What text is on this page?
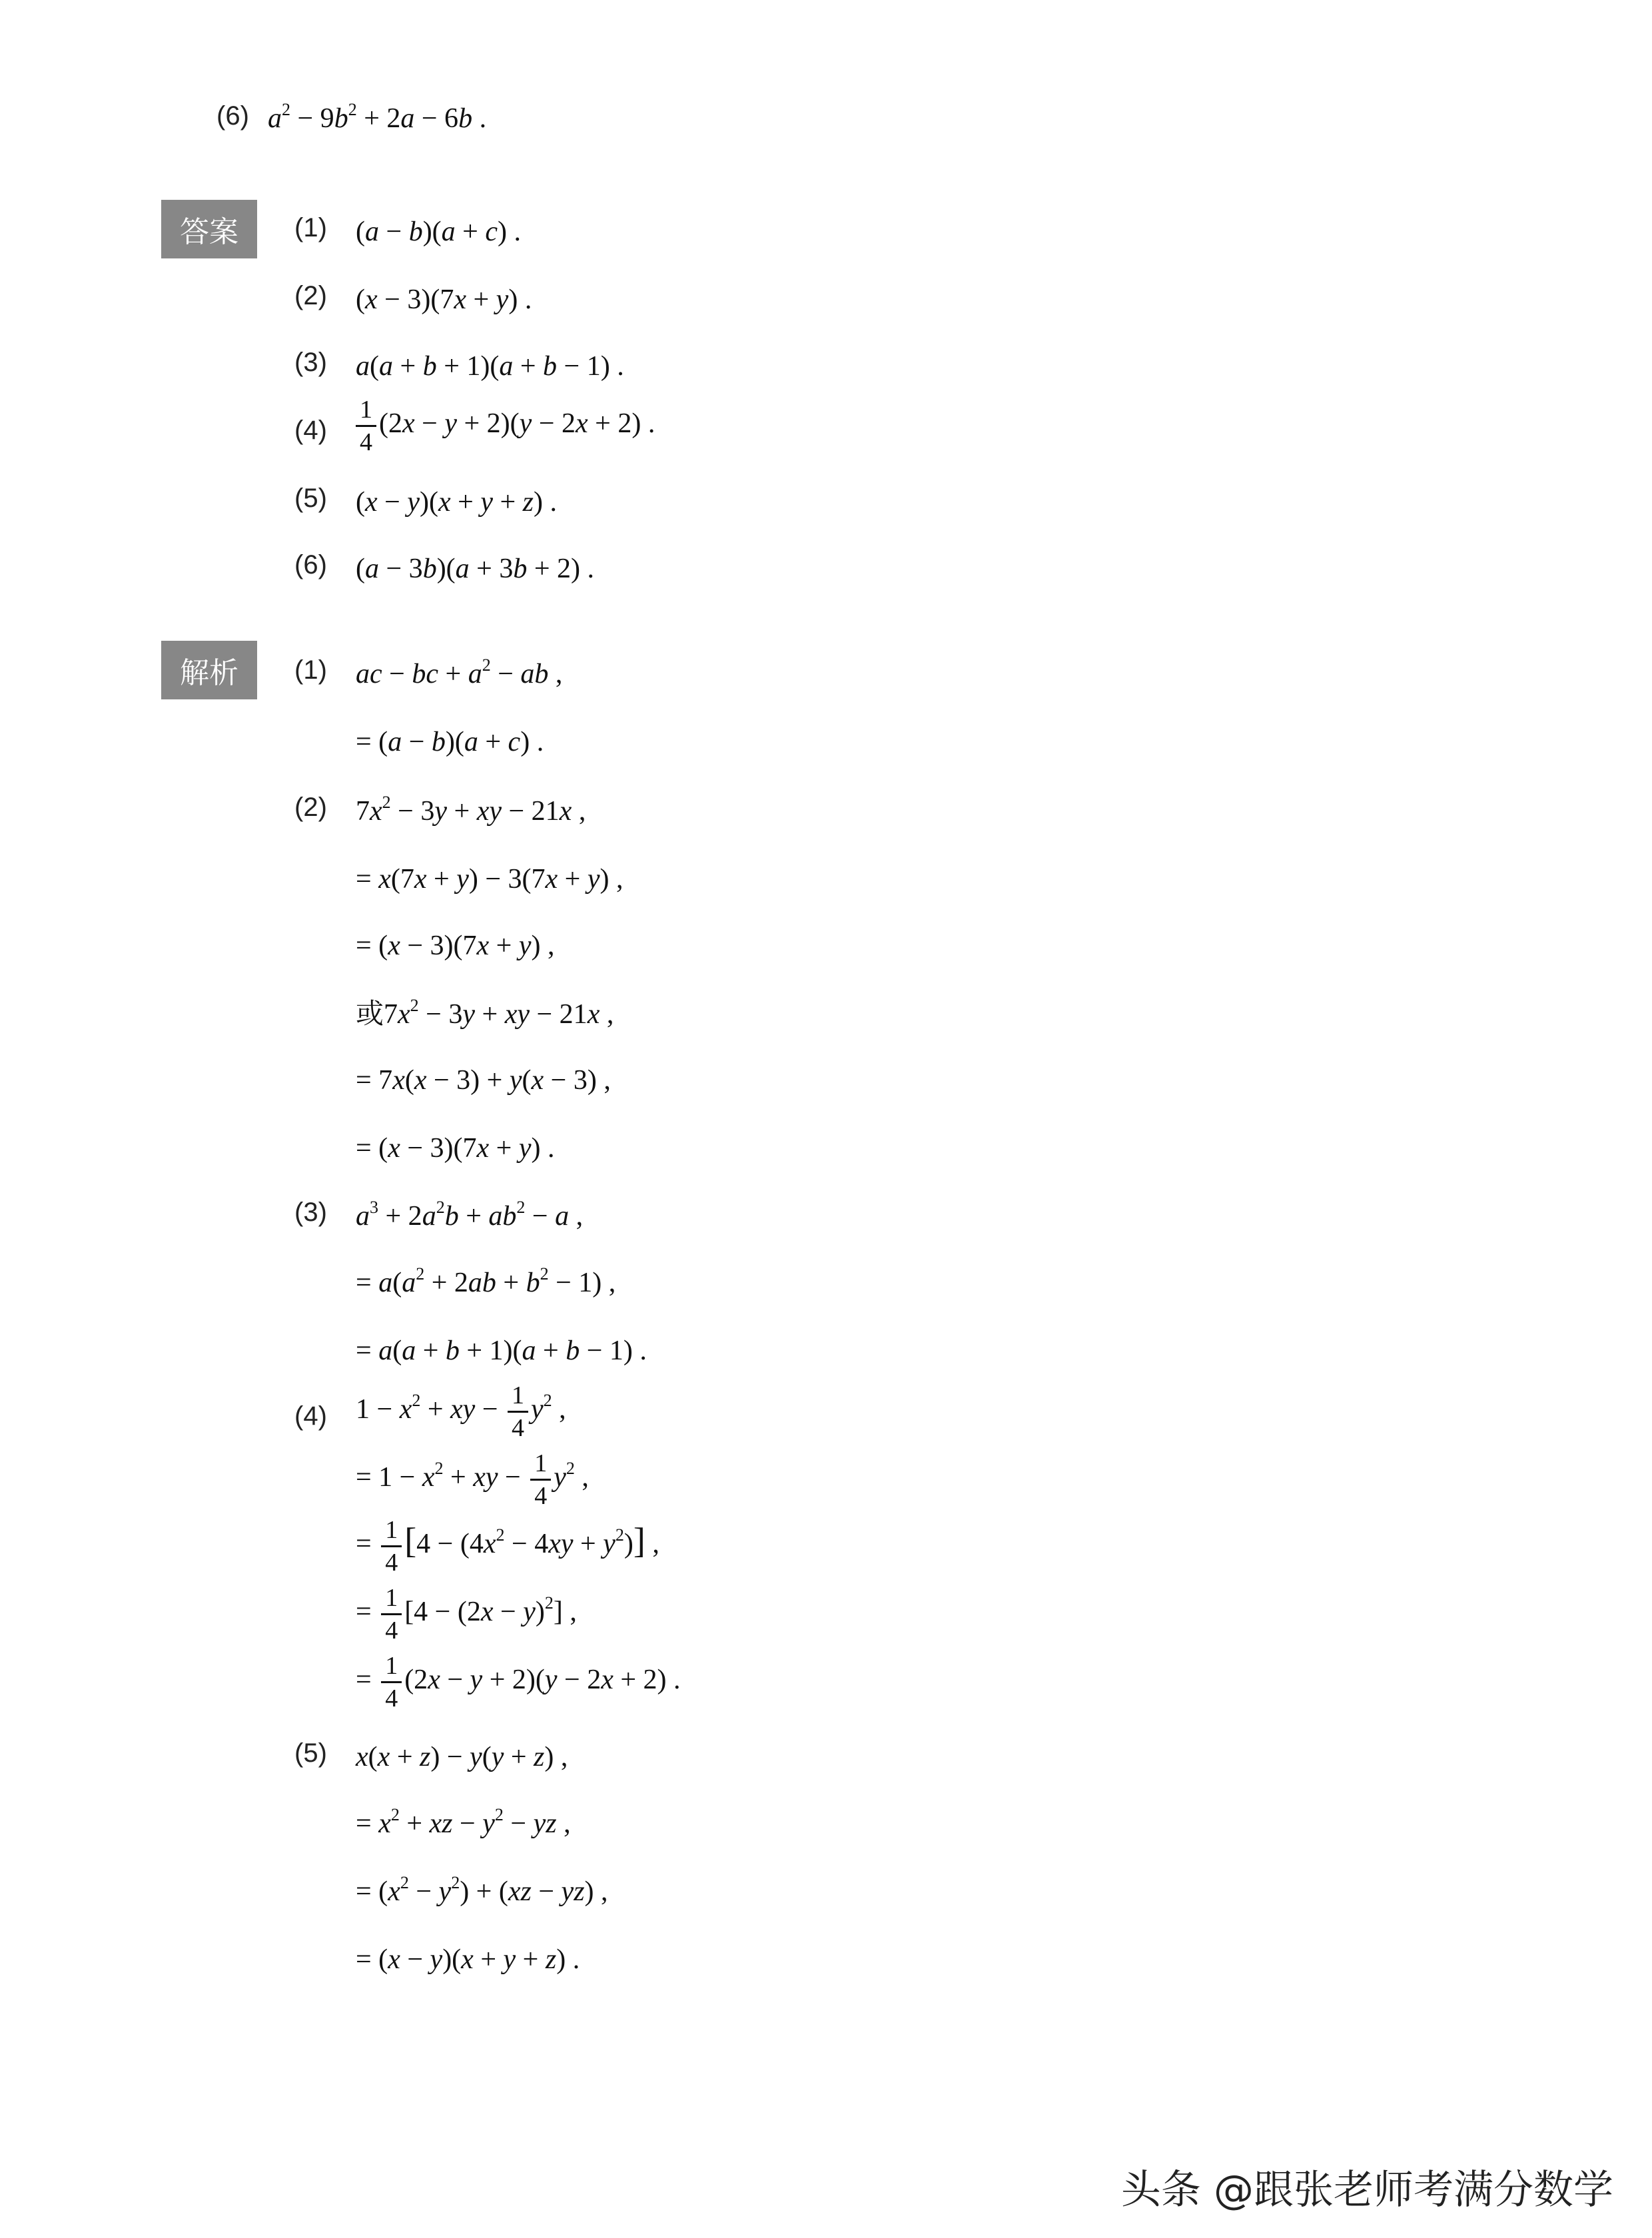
(6) $a^2 - 9b^2 + 2a - 6b$ .
答案	(1) (a − b)(a + c) .
(2) (x − 3)(7x + y) .
(3) a(a + b + 1)(a + b − 1) .
$(4) \frac{1}{4} (2x - y + 2)(y - 2x + 2)$ .
(5) (x − y)(x + y + z) .
(6) (a − 3b)(a + 3b + 2) .
解析	(1) ac − bc + $a^2$ − ab ,
= (a − b)(a + c) .
(2) $7x^2 - 3y$ + xy − 21x ,
= x(7x + y) − 3(7x + y) ,
= (x − 3)(7x + y) ,
或$7x^2 - 3y$ + xy − 21x ,
= 7x(x − 3) + y(x − 3) ,
= (x − 3)(7x + y) .
(3) $a^3 + 2a^2b + ab^2 - a$ ,
= $a(a^2 + 2ab + b^2 - 1)$ ,
= a(a + b + 1)(a + b − 1) .
(4) $1 - x^2$ + xy − $\frac{1}{4} y^2$ ,
= $1 - x^2$ + xy − $\frac{1}{4} y^2$ ,
= $\frac{1}{4} [4 - (4x^2 - 4xy + y^2)]$ ,
= $\frac{1}{4} [4 - (2x - y)^2]$ ,
= $\frac{1}{4} (2x - y + 2)(y - 2x + 2)$ .
(5) x(x + z) − y(y + z) ,
= $x^2$ + xz − $y^2$ − yz ,
= $(x^2 - y^2) + (xz - yz)$ ,
= (x − y)(x + y + z) .
头条 @跟张老师考满分数学
